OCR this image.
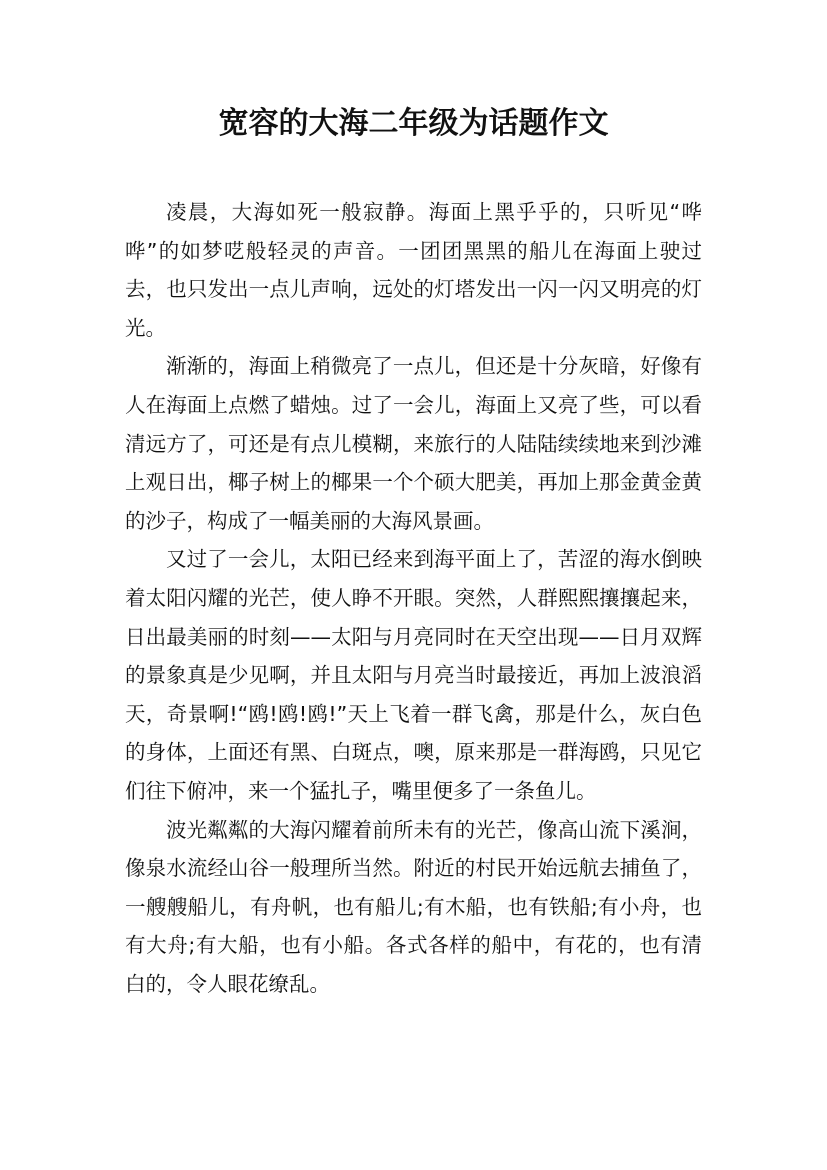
宽容的大海二年级为话题作文

凌晨，大海如死一般寂静。海面上黑乎乎的，只听见“哗哗”的如梦呓般轻灵的声音。一团团黑黑的船儿在海面上驶过去，也只发出一点儿声响，远处的灯塔发出一闪一闪又明亮的灯光。

渐渐的，海面上稍微亮了一点儿，但还是十分灰暗，好像有人在海面上点燃了蜡烛。过了一会儿，海面上又亮了些，可以看清远方了，可还是有点儿模糊，来旅行的人陆陆续续地来到沙滩上观日出，椰子树上的椰果一个个硕大肥美，再加上那金黄金黄的沙子，构成了一幅美丽的大海风景画。

又过了一会儿，太阳已经来到海平面上了，苦涩的海水倒映着太阳闪耀的光芒，使人睁不开眼。突然，人群熙熙攘攘起来，日出最美丽的时刻——太阳与月亮同时在天空出现——日月双辉的景象真是少见啊，并且太阳与月亮当时最接近，再加上波浪滔天，奇景啊!“鸥!鸥!鸥!”天上飞着一群飞禽，那是什么，灰白色的身体，上面还有黑、白斑点，噢，原来那是一群海鸥，只见它们往下俯冲，来一个猛扎子，嘴里便多了一条鱼儿。

波光粼粼的大海闪耀着前所未有的光芒，像高山流下溪涧，像泉水流经山谷一般理所当然。附近的村民开始远航去捕鱼了，一艘艘船儿，有舟帆，也有船儿;有木船，也有铁船;有小舟，也有大舟;有大船，也有小船。各式各样的船中，有花的，也有清白的，令人眼花缭乱。
